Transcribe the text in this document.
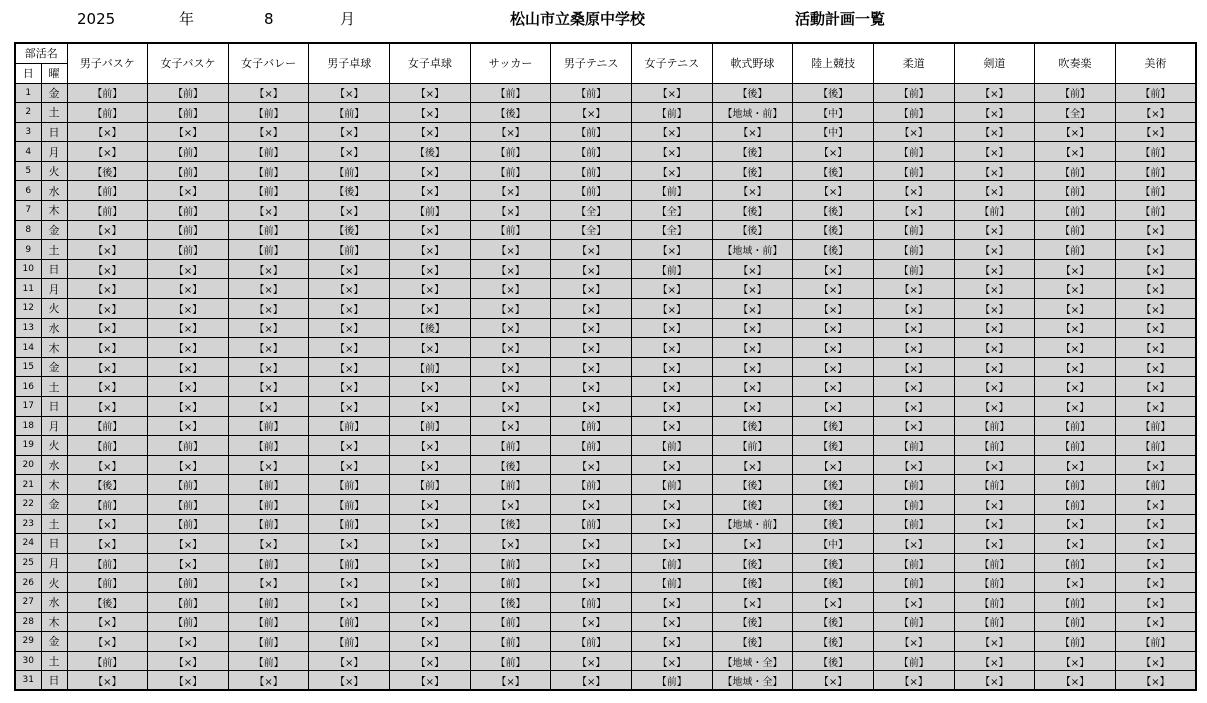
2025	年	8	月	松山市立桑原中学校	活動計画一覧
部活名		男子バスケ	女子バスケ	女子バレー	男子卓球	女子卓球	サッカー	男子テニス	女子テニス	軟式野球	陸上競技	柔道	剣道	吹奏楽	美術
日	曜														
1	金	【前】	【前】	【×】	【×】	【×】	【前】	【前】	【×】	【後】	【後】	【前】	【×】	【前】	【前】
2	土	【前】	【前】	【前】	【前】	【×】	【後】	【×】	【前】	【地域・前】	【中】	【前】	【×】	【全】	【×】
3	日	【×】	【×】	【×】	【×】	【×】	【×】	【前】	【×】	【×】	【中】	【×】	【×】	【×】	【×】
4	月	【×】	【前】	【前】	【×】	【後】	【前】	【前】	【×】	【後】	【×】	【前】	【×】	【×】	【前】
5	火	【後】	【前】	【前】	【前】	【×】	【前】	【前】	【×】	【後】	【後】	【前】	【×】	【前】	【前】
6	水	【前】	【×】	【前】	【後】	【×】	【×】	【前】	【前】	【×】	【×】	【×】	【×】	【前】	【前】
7	木	【前】	【前】	【×】	【×】	【前】	【×】	【全】	【全】	【後】	【後】	【×】	【前】	【前】	【前】
8	金	【×】	【前】	【前】	【後】	【×】	【前】	【全】	【全】	【後】	【後】	【前】	【×】	【前】	【×】
9	土	【×】	【前】	【前】	【前】	【×】	【×】	【×】	【×】	【地域・前】	【後】	【前】	【×】	【前】	【×】
10	日	【×】	【×】	【×】	【×】	【×】	【×】	【×】	【前】	【×】	【×】	【前】	【×】	【×】	【×】
11	月	【×】	【×】	【×】	【×】	【×】	【×】	【×】	【×】	【×】	【×】	【×】	【×】	【×】	【×】
12	火	【×】	【×】	【×】	【×】	【×】	【×】	【×】	【×】	【×】	【×】	【×】	【×】	【×】	【×】
13	水	【×】	【×】	【×】	【×】	【後】	【×】	【×】	【×】	【×】	【×】	【×】	【×】	【×】	【×】
14	木	【×】	【×】	【×】	【×】	【×】	【×】	【×】	【×】	【×】	【×】	【×】	【×】	【×】	【×】
15	金	【×】	【×】	【×】	【×】	【前】	【×】	【×】	【×】	【×】	【×】	【×】	【×】	【×】	【×】
16	土	【×】	【×】	【×】	【×】	【×】	【×】	【×】	【×】	【×】	【×】	【×】	【×】	【×】	【×】
17	日	【×】	【×】	【×】	【×】	【×】	【×】	【×】	【×】	【×】	【×】	【×】	【×】	【×】	【×】
18	月	【前】	【×】	【前】	【前】	【前】	【×】	【前】	【×】	【後】	【後】	【×】	【前】	【前】	【前】
19	火	【前】	【前】	【前】	【×】	【×】	【前】	【前】	【前】	【前】	【後】	【前】	【前】	【前】	【前】
20	水	【×】	【×】	【×】	【×】	【×】	【後】	【×】	【×】	【×】	【×】	【×】	【×】	【×】	【×】
21	木	【後】	【前】	【前】	【前】	【前】	【前】	【前】	【前】	【後】	【後】	【前】	【前】	【前】	【前】
22	金	【前】	【前】	【前】	【前】	【×】	【×】	【×】	【×】	【後】	【後】	【前】	【×】	【前】	【×】
23	土	【×】	【前】	【前】	【前】	【×】	【後】	【前】	【×】	【地域・前】	【後】	【前】	【×】	【×】	【×】
24	日	【×】	【×】	【×】	【×】	【×】	【×】	【×】	【×】	【×】	【中】	【×】	【×】	【×】	【×】
25	月	【前】	【×】	【前】	【前】	【×】	【前】	【×】	【前】	【後】	【後】	【前】	【前】	【前】	【×】
26	火	【前】	【前】	【×】	【×】	【×】	【前】	【×】	【前】	【後】	【後】	【前】	【前】	【×】	【×】
27	水	【後】	【前】	【前】	【×】	【×】	【後】	【前】	【×】	【×】	【×】	【×】	【前】	【前】	【×】
28	木	【×】	【前】	【前】	【前】	【×】	【前】	【×】	【×】	【後】	【後】	【前】	【前】	【前】	【×】
29	金	【×】	【×】	【前】	【前】	【×】	【前】	【前】	【×】	【後】	【後】	【×】	【×】	【前】	【前】
30	土	【前】	【×】	【前】	【×】	【×】	【前】	【×】	【×】	【地域・全】	【後】	【前】	【×】	【×】	【×】
31	日	【×】	【×】	【×】	【×】	【×】	【×】	【×】	【前】	【地域・全】	【×】	【×】	【×】	【×】	【×】
